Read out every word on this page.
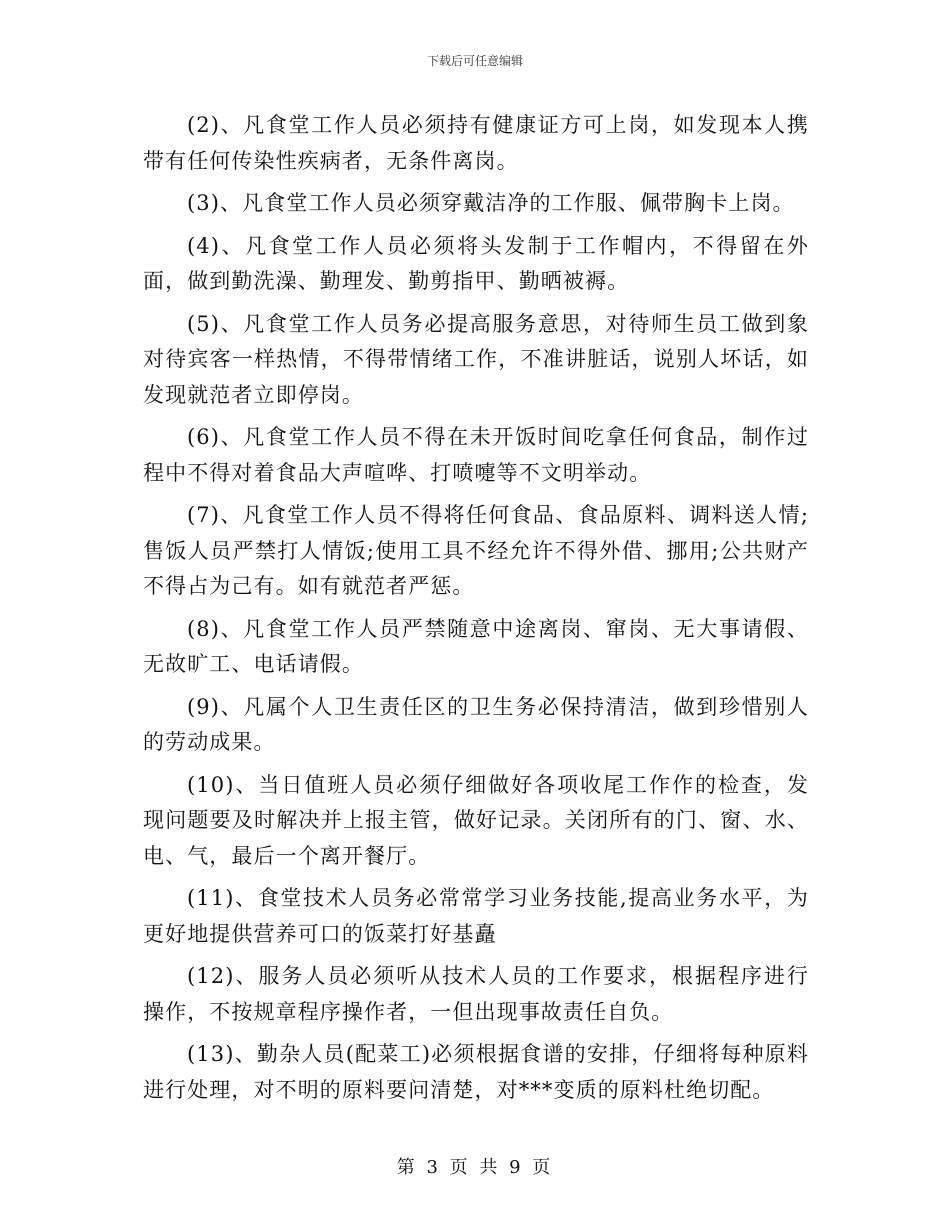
下载后可任意编辑

(2)、凡食堂工作人员必须持有健康证方可上岗，如发现本人携带有任何传染性疾病者，无条件离岗。

(3)、凡食堂工作人员必须穿戴洁净的工作服、佩带胸卡上岗。

(4)、凡食堂工作人员必须将头发制于工作帽内，不得留在外面，做到勤洗澡、勤理发、勤剪指甲、勤晒被褥。

(5)、凡食堂工作人员务必提高服务意思，对待师生员工做到象对待宾客一样热情，不得带情绪工作，不准讲脏话，说别人坏话，如发现就范者立即停岗。

(6)、凡食堂工作人员不得在未开饭时间吃拿任何食品，制作过程中不得对着食品大声喧哗、打喷嚏等不文明举动。

(7)、凡食堂工作人员不得将任何食品、食品原料、调料送人情;售饭人员严禁打人情饭;使用工具不经允许不得外借、挪用;公共财产不得占为己有。如有就范者严惩。

(8)、凡食堂工作人员严禁随意中途离岗、窜岗、无大事请假、无故旷工、电话请假。

(9)、凡属个人卫生责任区的卫生务必保持清洁，做到珍惜别人的劳动成果。

(10)、当日值班人员必须仔细做好各项收尾工作作的检查，发现问题要及时解决并上报主管，做好记录。关闭所有的门、窗、水、电、气，最后一个离开餐厅。

(11)、食堂技术人员务必常常学习业务技能,提高业务水平，为更好地提供营养可口的饭菜打好基矗

(12)、服务人员必须听从技术人员的工作要求，根据程序进行操作，不按规章程序操作者，一但出现事故责任自负。

(13)、勤杂人员(配菜工)必须根据食谱的安排，仔细将每种原料进行处理，对不明的原料要问清楚，对***变质的原料杜绝切配。

第 3 页 共 9 页
